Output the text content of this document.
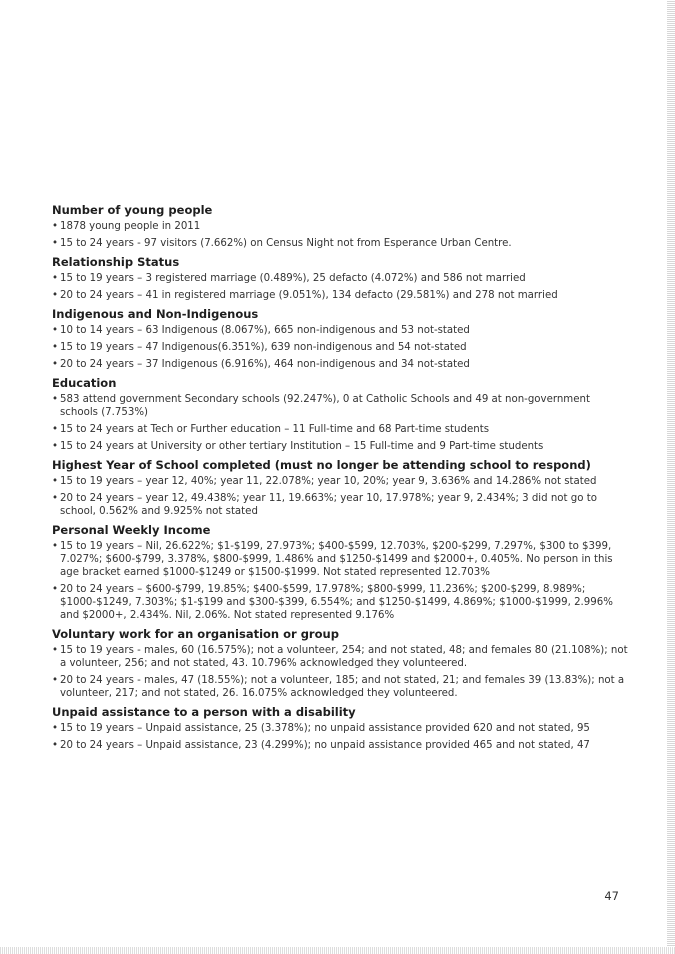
Number of young people
• 1878 young people in 2011
• 15 to 24 years - 97 visitors (7.662%) on Census Night not from Esperance Urban Centre.
Relationship Status
• 15 to 19 years – 3 registered marriage (0.489%), 25 defacto (4.072%) and 586 not married
• 20 to 24 years – 41 in registered marriage (9.051%), 134 defacto (29.581%) and 278 not married
Indigenous and Non-Indigenous
• 10 to 14 years – 63 Indigenous (8.067%), 665 non-indigenous and 53 not-stated
• 15 to 19 years – 47 Indigenous(6.351%), 639 non-indigenous and 54 not-stated
• 20 to 24 years – 37 Indigenous (6.916%), 464 non-indigenous and 34 not-stated
Education
• 583 attend government Secondary schools (92.247%), 0 at Catholic Schools and 49 at non-government schools (7.753%)
• 15 to 24 years at Tech or Further education – 11 Full-time and 68 Part-time students
• 15 to 24 years at University or other tertiary Institution – 15 Full-time and 9 Part-time students
Highest Year of School completed (must no longer be attending school to respond)
• 15 to 19 years – year 12, 40%; year 11, 22.078%; year 10, 20%; year 9, 3.636% and 14.286% not stated
• 20 to 24 years – year 12, 49.438%; year 11, 19.663%; year 10, 17.978%; year 9, 2.434%; 3 did not go to school, 0.562% and 9.925% not stated
Personal Weekly Income
• 15 to 19 years – Nil, 26.622%; $1-$199, 27.973%; $400-$599, 12.703%, $200-$299, 7.297%, $300 to $399, 7.027%; $600-$799, 3.378%, $800-$999, 1.486% and $1250-$1499 and $2000+, 0.405%. No person in this age bracket earned $1000-$1249 or $1500-$1999. Not stated represented 12.703%
• 20 to 24 years – $600-$799, 19.85%; $400-$599, 17.978%; $800-$999, 11.236%; $200-$299, 8.989%; $1000-$1249, 7.303%; $1-$199 and $300-$399, 6.554%; and $1250-$1499, 4.869%; $1000-$1999, 2.996% and $2000+, 2.434%. Nil, 2.06%. Not stated represented 9.176%
Voluntary work for an organisation or group
• 15 to 19 years - males, 60 (16.575%); not a volunteer, 254; and not stated, 48; and females 80 (21.108%); not a volunteer, 256; and not stated, 43. 10.796% acknowledged they volunteered.
• 20 to 24 years - males, 47 (18.55%); not a volunteer, 185; and not stated, 21; and females 39 (13.83%); not a volunteer, 217; and not stated, 26. 16.075% acknowledged they volunteered.
Unpaid assistance to a person with a disability
• 15 to 19 years – Unpaid assistance, 25 (3.378%); no unpaid assistance provided 620 and not stated, 95
• 20 to 24 years – Unpaid assistance, 23 (4.299%); no unpaid assistance provided 465 and not stated, 47
47
